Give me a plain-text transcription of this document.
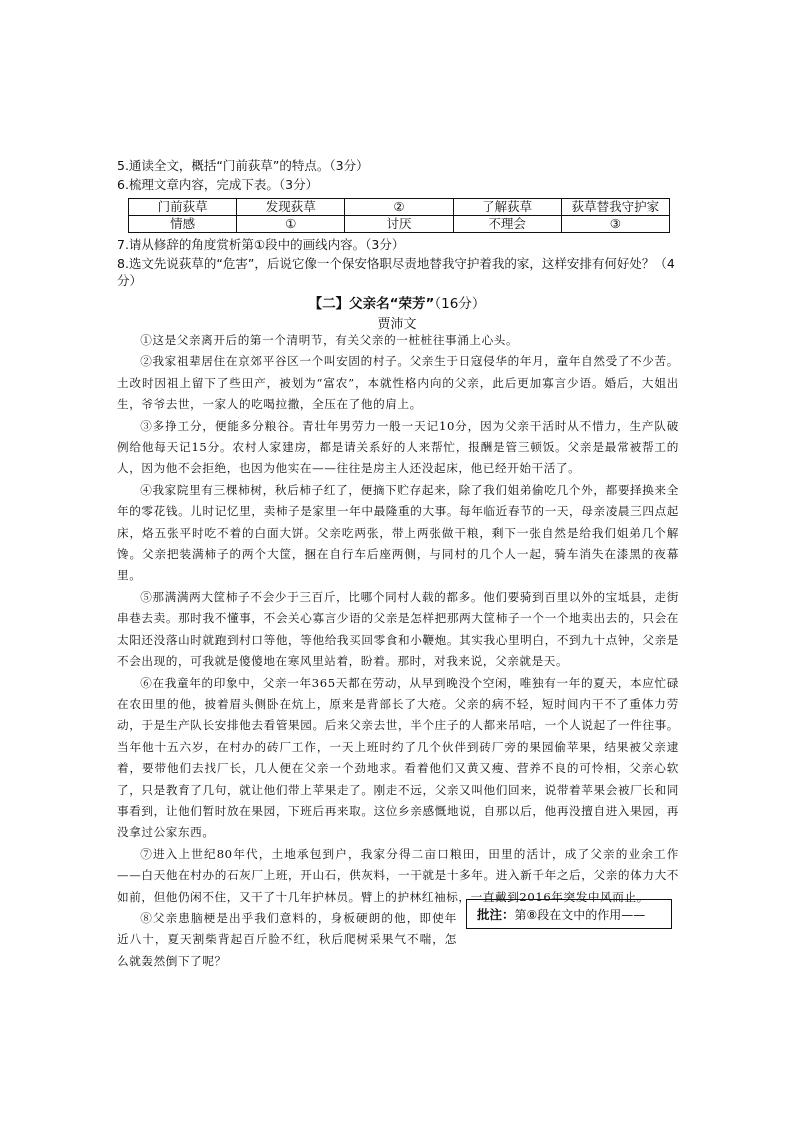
5.通读全文，概括“门前荻草”的特点。（3分）
6.梳理文章内容，完成下表。（3分）
门前荻草	发现荻草	②	了解荻草	荻草替我守护家
情感	①	讨厌	不理会	③
7.请从修辞的角度赏析第①段中的画线内容。（3分）
8.选文先说荻草的“危害”，后说它像一个保安恪职尽责地替我守护着我的家，这样安排有何好处？（4分）
【二】父亲名“荣芳”（16分）
贾沛文

①这是父亲离开后的第一个清明节，有关父亲的一桩桩往事涌上心头。

②我家祖辈居住在京郊平谷区一个叫安固的村子。父亲生于日寇侵华的年月，童年自然受了不少苦。土改时因祖上留下了些田产，被划为“富农”，本就性格内向的父亲，此后更加寡言少语。婚后，大姐出生，爷爷去世，一家人的吃喝拉撒，全压在了他的肩上。

③多挣工分，便能多分粮谷。青壮年男劳力一般一天记10分，因为父亲干活时从不惜力，生产队破例给他每天记15分。农村人家建房，都是请关系好的人来帮忙，报酬是管三顿饭。父亲是最常被帮工的人，因为他不会拒绝，也因为他实在——往往是房主人还没起床，他已经开始干活了。

④我家院里有三棵柿树，秋后柿子红了，便摘下贮存起来，除了我们姐弟偷吃几个外，都要择换来全年的零花钱。儿时记忆里，卖柿子是家里一年中最隆重的大事。每年临近春节的一天，母亲凌晨三四点起床，烙五张平时吃不着的白面大饼。父亲吃两张，带上两张做干粮，剩下一张自然是给我们姐弟几个解馋。父亲把装满柿子的两个大筐，捆在自行车后座两侧，与同村的几个人一起，骑车消失在漆黑的夜幕里。

⑤那满满两大筐柿子不会少于三百斤，比哪个同村人载的都多。他们要骑到百里以外的宝坻县，走街串巷去卖。那时我不懂事，不会关心寡言少语的父亲是怎样把那两大筐柿子一个一个地卖出去的，只会在太阳还没落山时就跑到村口等他，等他给我买回零食和小鞭炮。其实我心里明白，不到九十点钟，父亲是不会出现的，可我就是傻傻地在寒风里站着，盼着。那时，对我来说，父亲就是天。

⑥在我童年的印象中，父亲一年365天都在劳动，从早到晚没个空闲，唯独有一年的夏天，本应忙碌在农田里的他，披着眉头侧卧在炕上，原来是背部长了大疮。父亲的病不轻，短时间内干不了重体力劳动，于是生产队长安排他去看管果园。后来父亲去世，半个庄子的人都来吊唁，一个人说起了一件往事。当年他十五六岁，在村办的砖厂工作，一天上班时约了几个伙伴到砖厂旁的果园偷苹果，结果被父亲逮着，要带他们去找厂长，几人便在父亲一个劲地求。看着他们又黄又瘦、营养不良的可怜相，父亲心软了，只是教育了几句，就让他们带上苹果走了。刚走不远，父亲又叫他们回来，说带着苹果会被厂长和同事看到，让他们暂时放在果园，下班后再来取。这位乡亲感慨地说，自那以后，他再没擅自进入果园，再没拿过公家东西。

⑦进入上世纪80年代，土地承包到户，我家分得二亩口粮田，田里的活计，成了父亲的业余工作——白天他在村办的石灰厂上班，开山石，供灰料，一干就是十多年。进入新千年之后，父亲的体力大不如前，但他仍闲不住，又干了十几年护林员。臂上的护林红袖标，一直戴到2016年突发中风而止。

⑧父亲患脑梗是出乎我们意料的，身板硬朗的他，即使年近八十，夏天割柴背起百斤脸不红，秋后爬树采果气不喘，怎么就轰然倒下了呢？

批注：第⑧段在文中的作用——
